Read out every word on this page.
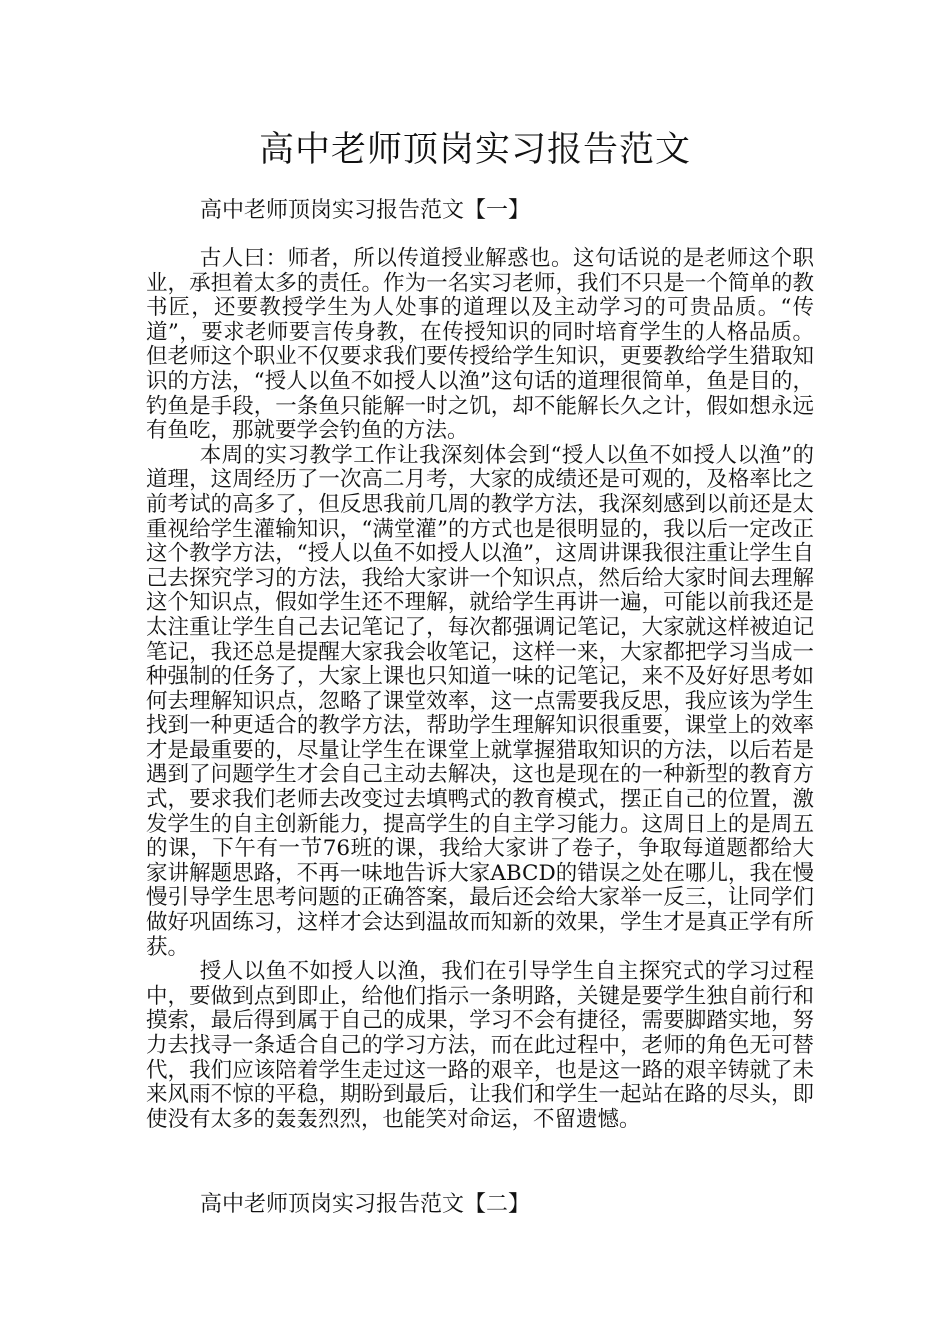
高中老师顶岗实习报告范文
高中老师顶岗实习报告范文【一】

古人曰：师者，所以传道授业解惑也。这句话说的是老师这个职业，承担着太多的责任。作为一名实习老师，我们不只是一个简单的教书匠，还要教授学生为人处事的道理以及主动学习的可贵品质。“传道”，要求老师要言传身教，在传授知识的同时培育学生的人格品质。但老师这个职业不仅要求我们要传授给学生知识，更要教给学生猎取知识的方法，“授人以鱼不如授人以渔”这句话的道理很简单，鱼是目的，钓鱼是手段，一条鱼只能解一时之饥，却不能解长久之计，假如想永远有鱼吃，那就要学会钓鱼的方法。

本周的实习教学工作让我深刻体会到“授人以鱼不如授人以渔”的道理，这周经历了一次高二月考，大家的成绩还是可观的，及格率比之前考试的高多了，但反思我前几周的教学方法，我深刻感到以前还是太重视给学生灌输知识，“满堂灌”的方式也是很明显的，我以后一定改正这个教学方法，“授人以鱼不如授人以渔”，这周讲课我很注重让学生自己去探究学习的方法，我给大家讲一个知识点，然后给大家时间去理解这个知识点，假如学生还不理解，就给学生再讲一遍，可能以前我还是太注重让学生自己去记笔记了，每次都强调记笔记，大家就这样被迫记笔记，我还总是提醒大家我会收笔记，这样一来，大家都把学习当成一种强制的任务了，大家上课也只知道一味的记笔记，来不及好好思考如何去理解知识点，忽略了课堂效率，这一点需要我反思，我应该为学生找到一种更适合的教学方法，帮助学生理解知识很重要，课堂上的效率才是最重要的，尽量让学生在课堂上就掌握猎取知识的方法，以后若是遇到了问题学生才会自己主动去解决，这也是现在的一种新型的教育方式，要求我们老师去改变过去填鸭式的教育模式，摆正自己的位置，激发学生的自主创新能力，提高学生的自主学习能力。这周日上的是周五的课，下午有一节76班的课，我给大家讲了卷子，争取每道题都给大家讲解题思路，不再一味地告诉大家ABCD的错误之处在哪儿，我在慢慢引导学生思考问题的正确答案，最后还会给大家举一反三，让同学们做好巩固练习，这样才会达到温故而知新的效果，学生才是真正学有所获。

授人以鱼不如授人以渔，我们在引导学生自主探究式的学习过程中，要做到点到即止，给他们指示一条明路，关键是要学生独自前行和摸索，最后得到属于自己的成果，学习不会有捷径，需要脚踏实地，努力去找寻一条适合自己的学习方法，而在此过程中，老师的角色无可替代，我们应该陪着学生走过这一路的艰辛，也是这一路的艰辛铸就了未来风雨不惊的平稳，期盼到最后，让我们和学生一起站在路的尽头，即使没有太多的轰轰烈烈，也能笑对命运，不留遗憾。

高中老师顶岗实习报告范文【二】
